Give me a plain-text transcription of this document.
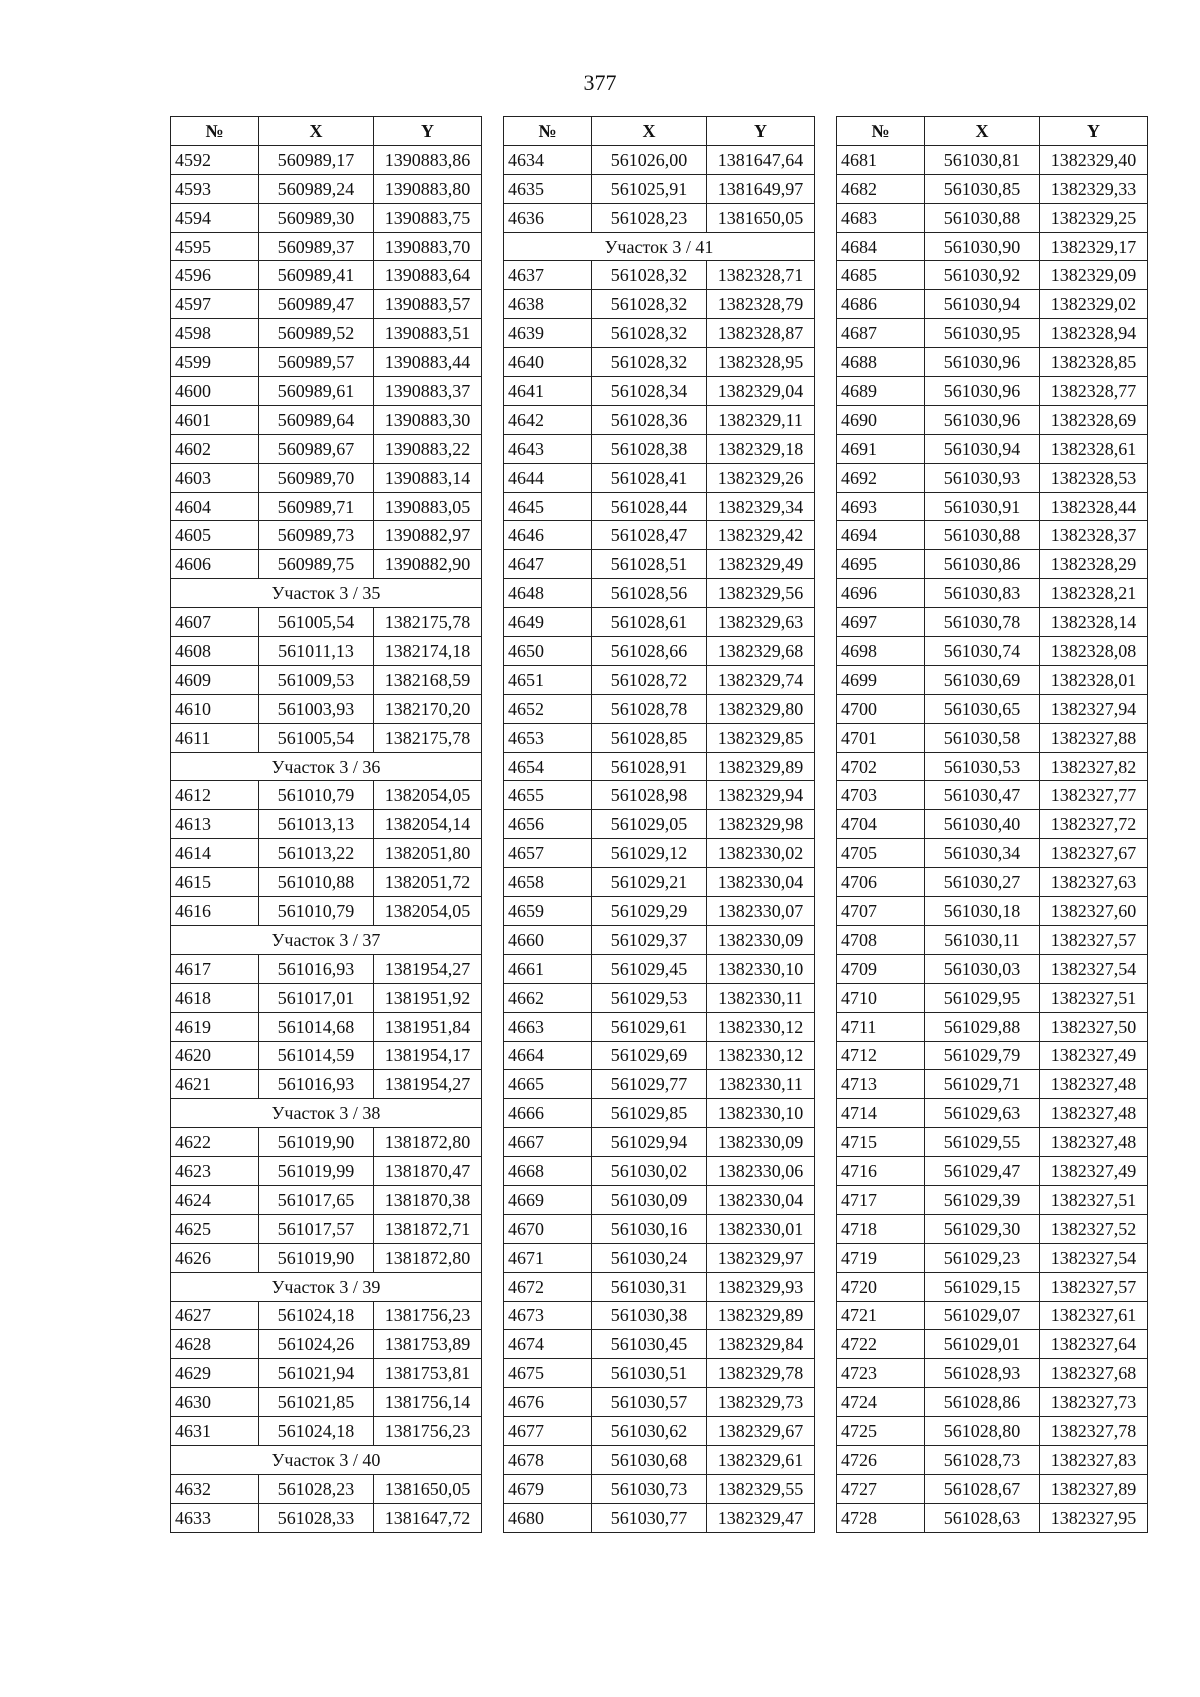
377
№	X	Y
4592	560989,17	1390883,86
4593	560989,24	1390883,80
4594	560989,30	1390883,75
4595	560989,37	1390883,70
4596	560989,41	1390883,64
4597	560989,47	1390883,57
4598	560989,52	1390883,51
4599	560989,57	1390883,44
4600	560989,61	1390883,37
4601	560989,64	1390883,30
4602	560989,67	1390883,22
4603	560989,70	1390883,14
4604	560989,71	1390883,05
4605	560989,73	1390882,97
4606	560989,75	1390882,90
Участок 3 / 35		
4607	561005,54	1382175,78
4608	561011,13	1382174,18
4609	561009,53	1382168,59
4610	561003,93	1382170,20
4611	561005,54	1382175,78
Участок 3 / 36		
4612	561010,79	1382054,05
4613	561013,13	1382054,14
4614	561013,22	1382051,80
4615	561010,88	1382051,72
4616	561010,79	1382054,05
Участок 3 / 37		
4617	561016,93	1381954,27
4618	561017,01	1381951,92
4619	561014,68	1381951,84
4620	561014,59	1381954,17
4621	561016,93	1381954,27
Участок 3 / 38		
4622	561019,90	1381872,80
4623	561019,99	1381870,47
4624	561017,65	1381870,38
4625	561017,57	1381872,71
4626	561019,90	1381872,80
Участок 3 / 39		
4627	561024,18	1381756,23
4628	561024,26	1381753,89
4629	561021,94	1381753,81
4630	561021,85	1381756,14
4631	561024,18	1381756,23
Участок 3 / 40		
4632	561028,23	1381650,05
4633	561028,33	1381647,72
№	X	Y
4634	561026,00	1381647,64
4635	561025,91	1381649,97
4636	561028,23	1381650,05
Участок 3 / 41		
4637	561028,32	1382328,71
4638	561028,32	1382328,79
4639	561028,32	1382328,87
4640	561028,32	1382328,95
4641	561028,34	1382329,04
4642	561028,36	1382329,11
4643	561028,38	1382329,18
4644	561028,41	1382329,26
4645	561028,44	1382329,34
4646	561028,47	1382329,42
4647	561028,51	1382329,49
4648	561028,56	1382329,56
4649	561028,61	1382329,63
4650	561028,66	1382329,68
4651	561028,72	1382329,74
4652	561028,78	1382329,80
4653	561028,85	1382329,85
4654	561028,91	1382329,89
4655	561028,98	1382329,94
4656	561029,05	1382329,98
4657	561029,12	1382330,02
4658	561029,21	1382330,04
4659	561029,29	1382330,07
4660	561029,37	1382330,09
4661	561029,45	1382330,10
4662	561029,53	1382330,11
4663	561029,61	1382330,12
4664	561029,69	1382330,12
4665	561029,77	1382330,11
4666	561029,85	1382330,10
4667	561029,94	1382330,09
4668	561030,02	1382330,06
4669	561030,09	1382330,04
4670	561030,16	1382330,01
4671	561030,24	1382329,97
4672	561030,31	1382329,93
4673	561030,38	1382329,89
4674	561030,45	1382329,84
4675	561030,51	1382329,78
4676	561030,57	1382329,73
4677	561030,62	1382329,67
4678	561030,68	1382329,61
4679	561030,73	1382329,55
4680	561030,77	1382329,47
№	X	Y
4681	561030,81	1382329,40
4682	561030,85	1382329,33
4683	561030,88	1382329,25
4684	561030,90	1382329,17
4685	561030,92	1382329,09
4686	561030,94	1382329,02
4687	561030,95	1382328,94
4688	561030,96	1382328,85
4689	561030,96	1382328,77
4690	561030,96	1382328,69
4691	561030,94	1382328,61
4692	561030,93	1382328,53
4693	561030,91	1382328,44
4694	561030,88	1382328,37
4695	561030,86	1382328,29
4696	561030,83	1382328,21
4697	561030,78	1382328,14
4698	561030,74	1382328,08
4699	561030,69	1382328,01
4700	561030,65	1382327,94
4701	561030,58	1382327,88
4702	561030,53	1382327,82
4703	561030,47	1382327,77
4704	561030,40	1382327,72
4705	561030,34	1382327,67
4706	561030,27	1382327,63
4707	561030,18	1382327,60
4708	561030,11	1382327,57
4709	561030,03	1382327,54
4710	561029,95	1382327,51
4711	561029,88	1382327,50
4712	561029,79	1382327,49
4713	561029,71	1382327,48
4714	561029,63	1382327,48
4715	561029,55	1382327,48
4716	561029,47	1382327,49
4717	561029,39	1382327,51
4718	561029,30	1382327,52
4719	561029,23	1382327,54
4720	561029,15	1382327,57
4721	561029,07	1382327,61
4722	561029,01	1382327,64
4723	561028,93	1382327,68
4724	561028,86	1382327,73
4725	561028,80	1382327,78
4726	561028,73	1382327,83
4727	561028,67	1382327,89
4728	561028,63	1382327,95
